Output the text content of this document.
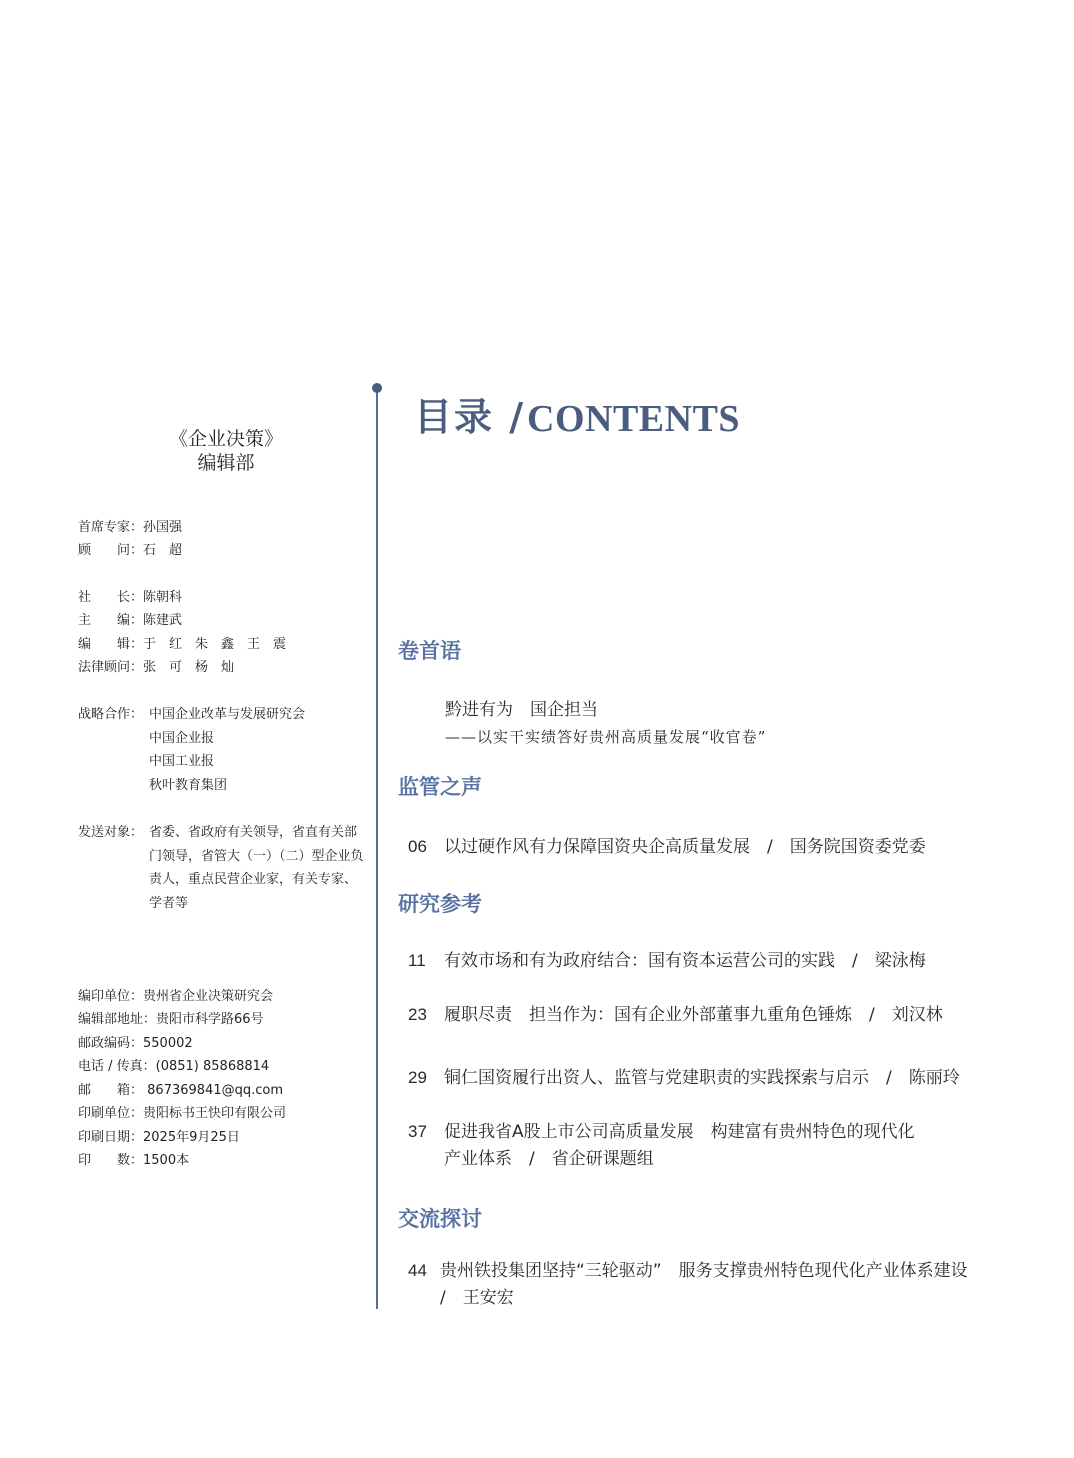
《企业决策》
编辑部
首席专家：孙国强
顾　　问：石　超
社　　长：陈朝科
主　　编：陈建武
编　　辑：于　红　朱　鑫　王　震
法律顾问：张　可　杨　灿
战略合作： 中国企业改革与发展研究会
中国企业报
中国工业报
秋叶教育集团
发送对象： 省委、省政府有关领导，省直有关部
门领导，省管大（一）（二）型企业负
责人，重点民营企业家，有关专家、
学者等
编印单位：贵州省企业决策研究会
编辑部地址：贵阳市科学路66号
邮政编码：550002
电话 / 传真：(0851) 85868814
邮　　箱： 867369841@qq.com
印刷单位：贵阳标书王快印有限公司
印刷日期：2025年9月25日
印　　数：1500本
目录 / CONTENTS
卷首语
黔进有为　国企担当
——以实干实绩答好贵州高质量发展“收官卷”
监管之声
06 以过硬作风有力保障国资央企高质量发展　/　国务院国资委党委
研究参考
11 有效市场和有为政府结合：国有资本运营公司的实践　/　梁泳梅
23 履职尽责　担当作为：国有企业外部董事九重角色锤炼　/　刘汉林
29 铜仁国资履行出资人、监管与党建职责的实践探索与启示　/　陈丽玲
37 促进我省A股上市公司高质量发展　构建富有贵州特色的现代化
产业体系　/　省企研课题组
交流探讨
44 贵州铁投集团坚持“三轮驱动”　服务支撑贵州特色现代化产业体系建设
/　王安宏
